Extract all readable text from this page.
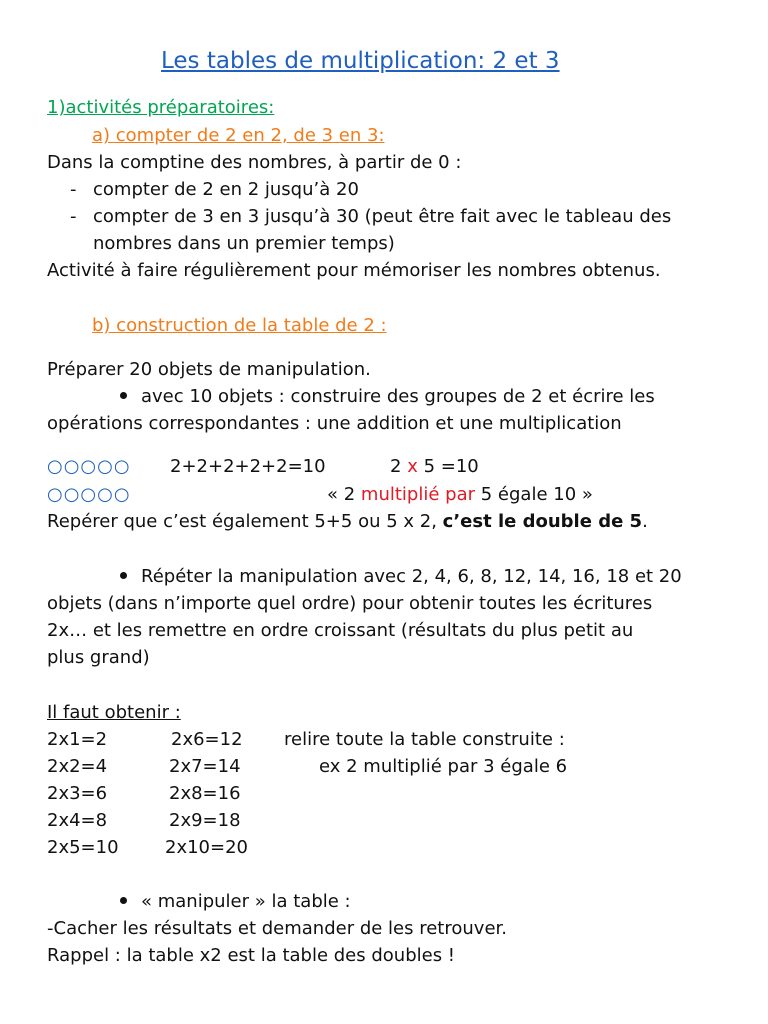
Les tables de multiplication: 2 et 3
1)activités préparatoires:
a) compter de 2 en 2, de 3 en 3:
Dans la comptine des nombres, à partir de 0 :
- compter de 2 en 2 jusqu’à 20
- compter de 3 en 3 jusqu’à 30 (peut être fait avec le tableau des
nombres dans un premier temps)
Activité à faire régulièrement pour mémoriser les nombres obtenus.
b) construction de la table de 2 :
Préparer 20 objets de manipulation.
avec 10 objets : construire des groupes de 2 et écrire les
opérations correspondantes : une addition et une multiplication
○○○○○ 2+2+2+2+2=10	2 x 5 =10
○○○○○	« 2 multiplié par 5 égale 10 »
Repérer que c’est également 5+5 ou 5 x 2, c’est le double de 5.
Répéter la manipulation avec 2, 4, 6, 8, 12, 14, 16, 18 et 20
objets (dans n’importe quel ordre) pour obtenir toutes les écritures
2x… et les remettre en ordre croissant (résultats du plus petit au
plus grand)
Il faut obtenir :
2x1=2
2x2=4
2x3=6
2x4=8
2x5=10
2x6=12
2x7=14
2x8=16
2x9=18
2x10=20
relire toute la table construite :
ex 2 multiplié par 3 égale 6
« manipuler » la table :
-Cacher les résultats et demander de les retrouver.
Rappel : la table x2 est la table des doubles !
